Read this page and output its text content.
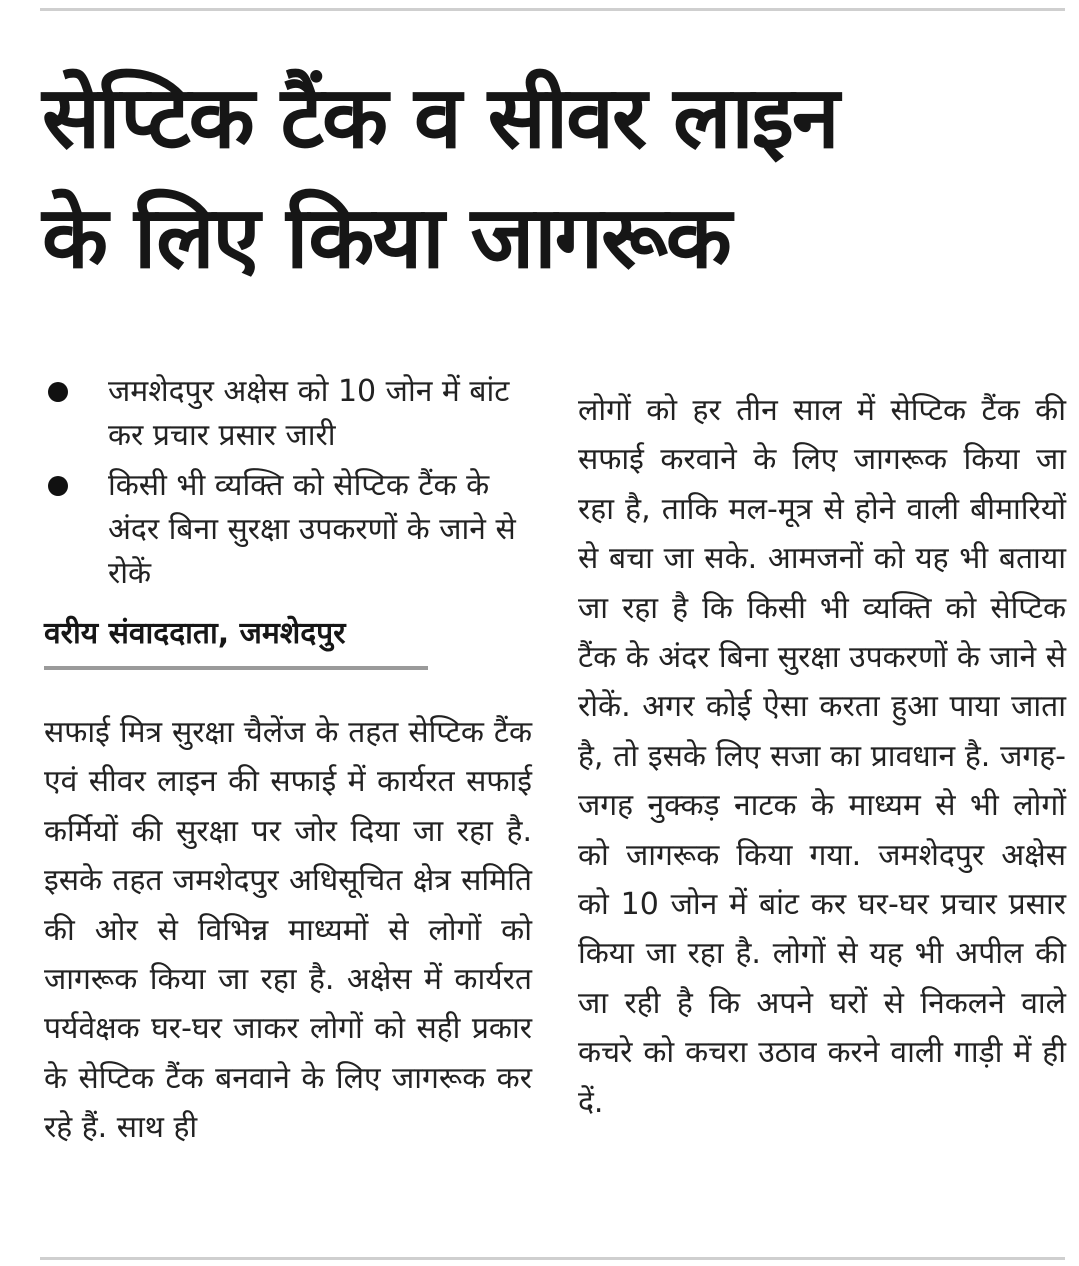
सेप्टिक टैंक व सीवर लाइन
के लिए किया जागरूक
जमशेदपुर अक्षेस को 10 जोन में बांट कर प्रचार प्रसार जारी
किसी भी व्यक्ति को सेप्टिक टैंक के अंदर बिना सुरक्षा उपकरणों के जाने से रोकें
वरीय संवाददाता, जमशेदपुर

सफाई मित्र सुरक्षा चैलेंज के तहत सेप्टिक टैंक एवं सीवर लाइन की सफाई में कार्यरत सफाई कर्मियों की सुरक्षा पर जोर दिया जा रहा है. इसके तहत जमशेदपुर अधिसूचित क्षेत्र समिति की ओर से विभिन्न माध्यमों से लोगों को जागरूक किया जा रहा है. अक्षेस में कार्यरत पर्यवेक्षक घर-घर जाकर लोगों को सही प्रकार के सेप्टिक टैंक बनवाने के लिए जागरूक कर रहे हैं. साथ ही

लोगों को हर तीन साल में सेप्टिक टैंक की सफाई करवाने के लिए जागरूक किया जा रहा है, ताकि मल-मूत्र से होने वाली बीमारियों से बचा जा सके. आमजनों को यह भी बताया जा रहा है कि किसी भी व्यक्ति को सेप्टिक टैंक के अंदर बिना सुरक्षा उपकरणों के जाने से रोकें. अगर कोई ऐसा करता हुआ पाया जाता है, तो इसके लिए सजा का प्रावधान है. जगह-जगह नुक्कड़ नाटक के माध्यम से भी लोगों को जागरूक किया गया. जमशेदपुर अक्षेस को 10 जोन में बांट कर घर-घर प्रचार प्रसार किया जा रहा है. लोगों से यह भी अपील की जा रही है कि अपने घरों से निकलने वाले कचरे को कचरा उठाव करने वाली गाड़ी में ही दें.
